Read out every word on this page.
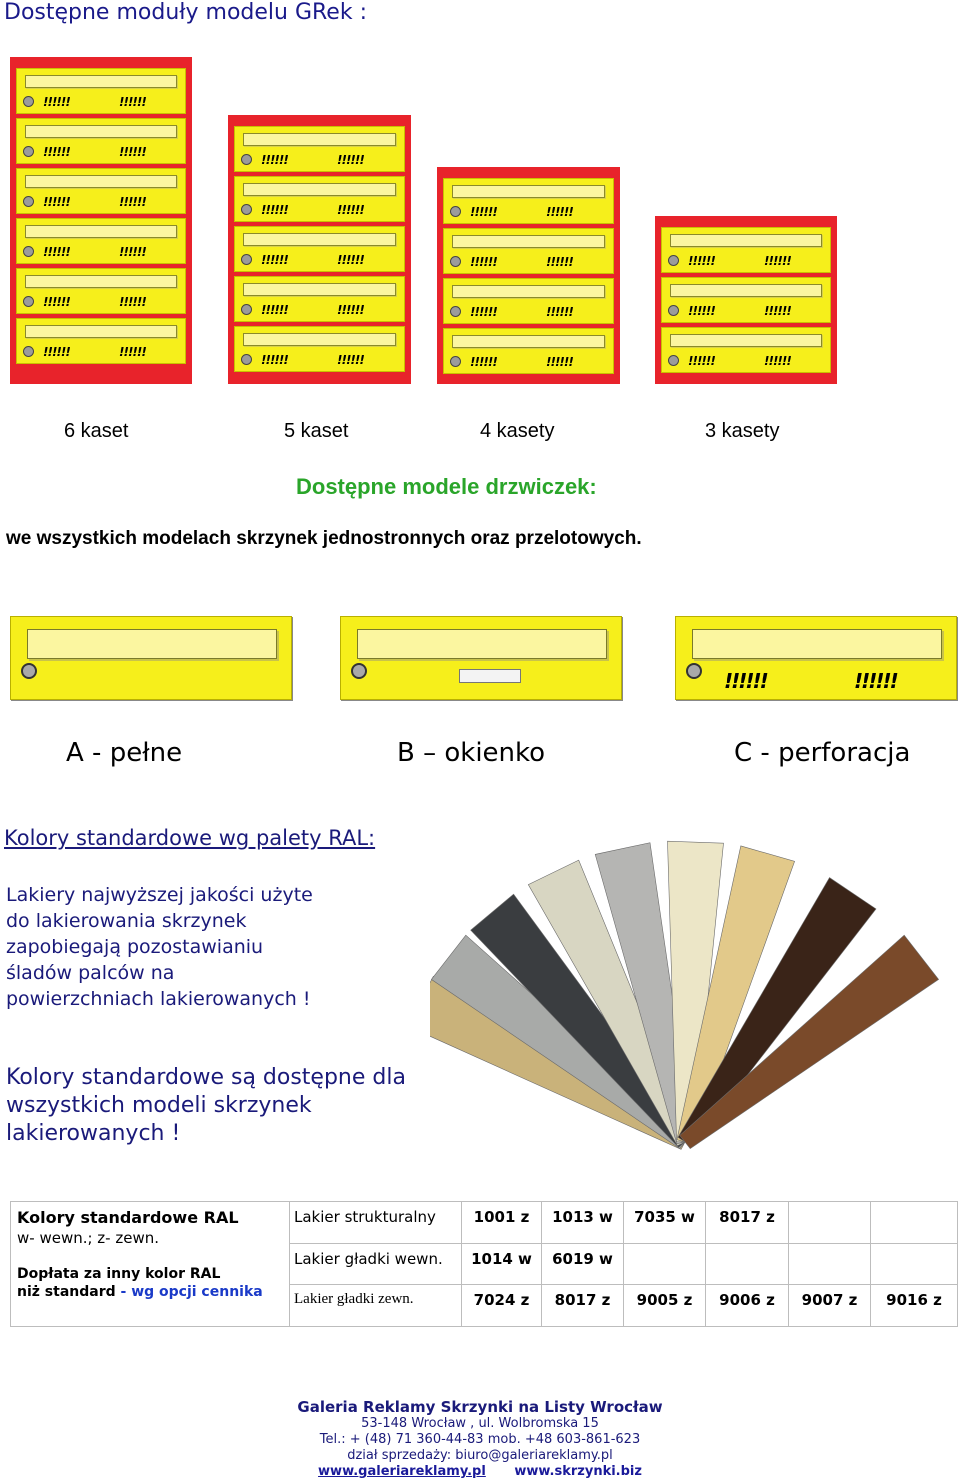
Dostępne moduły modelu GRek :
!!!!!!	!!!!!!
!!!!!!	!!!!!!
!!!!!!	!!!!!!
!!!!!!	!!!!!!
!!!!!!	!!!!!!
!!!!!!	!!!!!!
!!!!!!	!!!!!!
!!!!!!	!!!!!!
!!!!!!	!!!!!!
!!!!!!	!!!!!!
!!!!!!	!!!!!!
!!!!!!	!!!!!!
!!!!!!	!!!!!!
!!!!!!	!!!!!!
!!!!!!	!!!!!!
!!!!!!	!!!!!!
!!!!!!	!!!!!!
!!!!!!	!!!!!!
6 kaset	5 kaset	4 kasety	3 kasety
Dostępne modele drzwiczek:
we wszystkich modelach skrzynek jednostronnych oraz przelotowych.
!!!!!!	!!!!!!
A - pełne	B – okienko	C - perforacja
Kolory standardowe wg palety RAL:
Lakiery najwyższej jakości użyte do lakierowania skrzynek zapobiegają pozostawianiu śladów palców na powierzchniach lakierowanych !
Kolory standardowe są dostępne dla wszystkich modeli skrzynek lakierowanych !
Kolory standardowe RAL
w- wewn.; z- zewn.
Dopłata za inny kolor RAL
niż standard - wg opcji cennika	Lakier strukturalny	1001 z	1013 w	7035 w	8017 z		
	Lakier gładki wewn.	1014 w	6019 w				
	Lakier gładki zewn.	7024 z	8017 z	9005 z	9006 z	9007 z	9016 z
Galeria Reklamy Skrzynki na Listy Wrocław
53-148 Wrocław , ul. Wolbromska 15
Tel.: + (48) 71 360-44-83 mob. +48 603-861-623
dział sprzedaży: biuro@galeriareklamy.pl
www.galeriareklamy.pl www.skrzynki.biz
